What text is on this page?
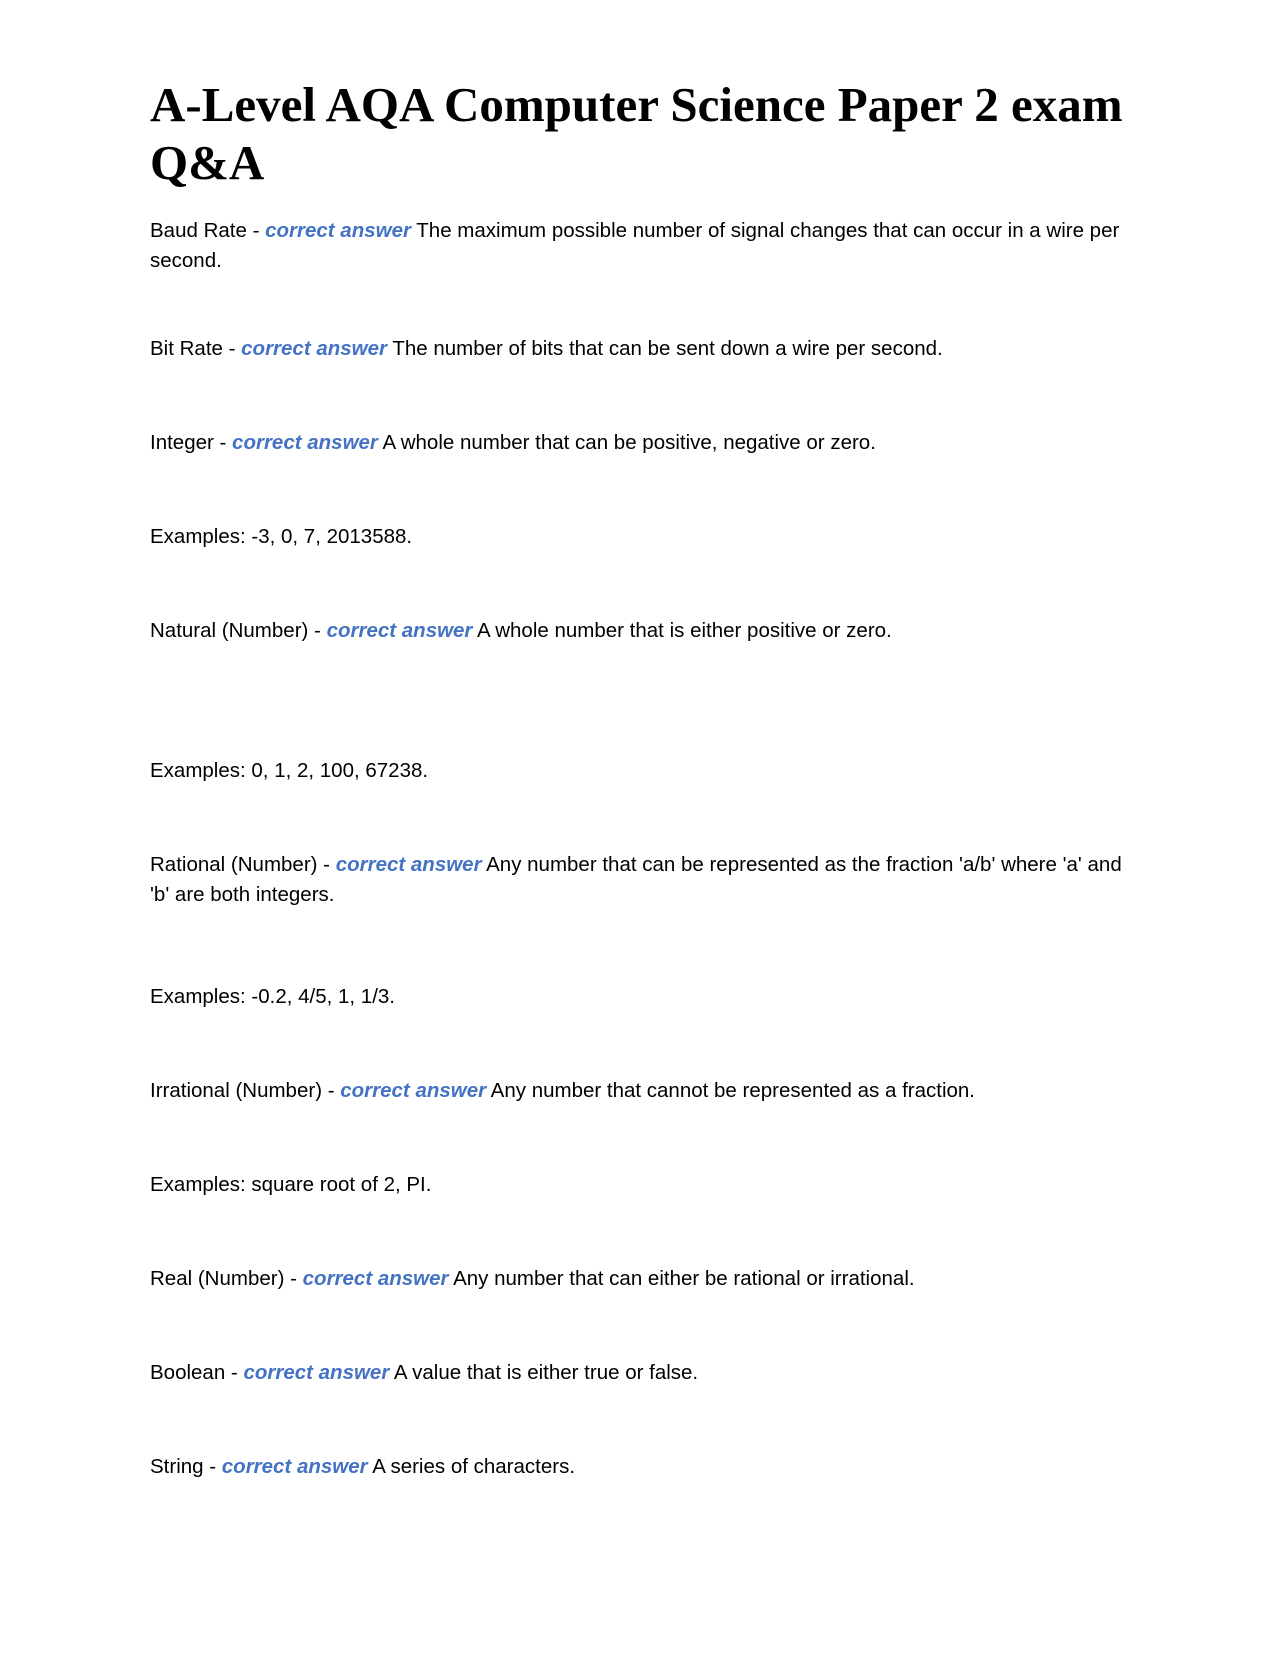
A-Level AQA Computer Science Paper 2 exam Q&A

Baud Rate - correct answer The maximum possible number of signal changes that can occur in a wire per second.

Bit Rate - correct answer The number of bits that can be sent down a wire per second.

Integer - correct answer A whole number that can be positive, negative or zero.

Examples: -3, 0, 7, 2013588.

Natural (Number) - correct answer A whole number that is either positive or zero.

Examples: 0, 1, 2, 100, 67238.

Rational (Number) - correct answer Any number that can be represented as the fraction 'a/b' where 'a' and 'b' are both integers.

Examples: -0.2, 4/5, 1, 1/3.

Irrational (Number) - correct answer Any number that cannot be represented as a fraction.

Examples: square root of 2, PI.

Real (Number) - correct answer Any number that can either be rational or irrational.

Boolean - correct answer A value that is either true or false.

String - correct answer A series of characters.
